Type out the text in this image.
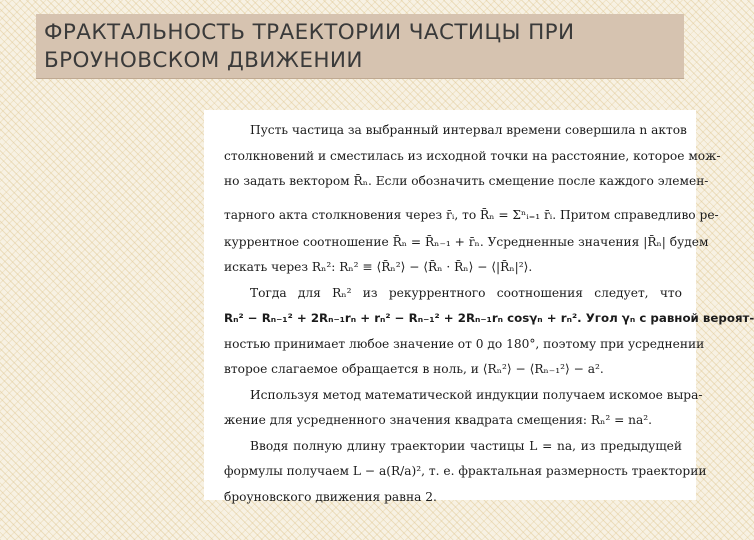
ФРАКТАЛЬНОСТЬ ТРАЕКТОРИИ ЧАСТИЦЫ ПРИ
БРОУНОВСКОМ ДВИЖЕНИИ
Пусть частица за выбранный интервал времени совершила n актов
столкновений и сместилась из исходной точки на расстояние, которое мож-
но задать вектором R̄ₙ. Если обозначить смещение после каждого элемен-
тарного акта столкновения через r̄ᵢ, то R̄ₙ = Σⁿᵢ₌₁ r̄ᵢ. Притом справедливо ре-
куррентное соотношение R̄ₙ = R̄ₙ₋₁ + r̄ₙ. Усредненные значения |R̄ₙ| будем
искать через Rₙ²: Rₙ² ≡ ⟨R̄ₙ²⟩ − ⟨R̄ₙ · R̄ₙ⟩ − ⟨|R̄ₙ|²⟩.
Тогда для Rₙ² из рекуррентного соотношения следует, что
Rₙ² − Rₙ₋₁² + 2Rₙ₋₁rₙ + rₙ² − Rₙ₋₁² + 2Rₙ₋₁rₙ cosγₙ + rₙ². Угол γₙ с равной вероят-
ностью принимает любое значение от 0 до 180°, поэтому при усреднении
второе слагаемое обращается в ноль, и ⟨Rₙ²⟩ − ⟨Rₙ₋₁²⟩ − a².
Используя метод математической индукции получаем искомое выра-
жение для усредненного значения квадрата смещения: Rₙ² = na².
Вводя полную длину траектории частицы L = na, из предыдущей
формулы получаем L − a(R/a)², т. е. фрактальная размерность траектории
броуновского движения равна 2.
